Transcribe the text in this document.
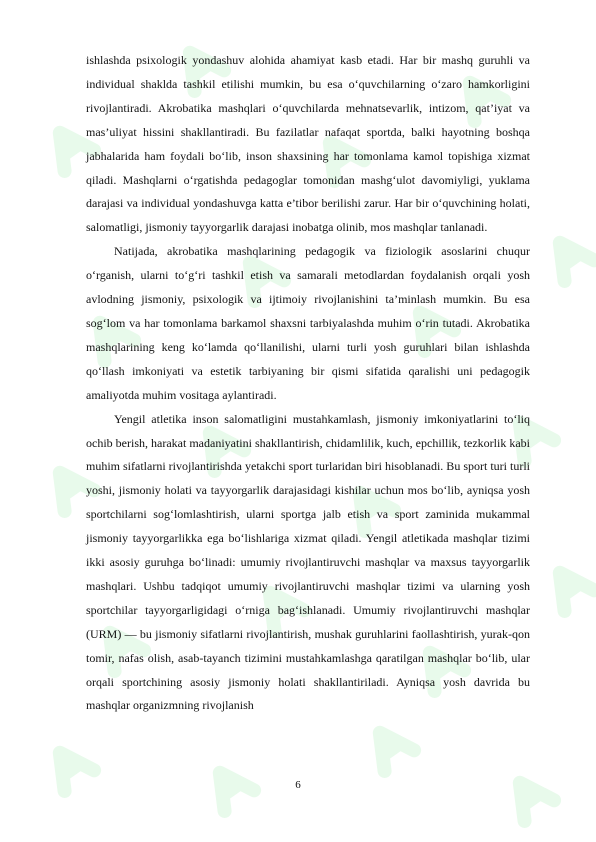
ishlashda psixologik yondashuv alohida ahamiyat kasb etadi. Har bir mashq guruhli va individual shaklda tashkil etilishi mumkin, bu esa o‘quvchilarning o‘zaro hamkorligini rivojlantiradi. Akrobatika mashqlari o‘quvchilarda mehnatsevarlik, intizom, qat’iyat va mas’uliyat hissini shakllantiradi. Bu fazilatlar nafaqat sportda, balki hayotning boshqa jabhalarida ham foydali bo‘lib, inson shaxsining har tomonlama kamol topishiga xizmat qiladi. Mashqlarni o‘rgatishda pedagoglar tomonidan mashg‘ulot davomiyligi, yuklama darajasi va individual yondashuvga katta e’tibor berilishi zarur. Har bir o‘quvchining holati, salomatligi, jismoniy tayyorgarlik darajasi inobatga olinib, mos mashqlar tanlanadi.

Natijada, akrobatika mashqlarining pedagogik va fiziologik asoslarini chuqur o‘rganish, ularni to‘g‘ri tashkil etish va samarali metodlardan foydalanish orqali yosh avlodning jismoniy, psixologik va ijtimoiy rivojlanishini ta’minlash mumkin. Bu esa sog‘lom va har tomonlama barkamol shaxsni tarbiyalashda muhim o‘rin tutadi. Akrobatika mashqlarining keng ko‘lamda qo‘llanilishi, ularni turli yosh guruhlari bilan ishlashda qo‘llash imkoniyati va estetik tarbiyaning bir qismi sifatida qaralishi uni pedagogik amaliyotda muhim vositaga aylantiradi.

Yengil atletika inson salomatligini mustahkamlash, jismoniy imkoniyatlarini to‘liq ochib berish, harakat madaniyatini shakllantirish, chidamlilik, kuch, epchillik, tezkorlik kabi muhim sifatlarni rivojlantirishda yetakchi sport turlaridan biri hisoblanadi. Bu sport turi turli yoshi, jismoniy holati va tayyorgarlik darajasidagi kishilar uchun mos bo‘lib, ayniqsa yosh sportchilarni sog‘lomlashtirish, ularni sportga jalb etish va sport zaminida mukammal jismoniy tayyorgarlikka ega bo‘lishlariga xizmat qiladi. Yengil atletikada mashqlar tizimi ikki asosiy guruhga bo‘linadi: umumiy rivojlantiruvchi mashqlar va maxsus tayyorgarlik mashqlari. Ushbu tadqiqot umumiy rivojlantiruvchi mashqlar tizimi va ularning yosh sportchilar tayyorgarligidagi o‘rniga bag‘ishlanadi. Umumiy rivojlantiruvchi mashqlar (URM) — bu jismoniy sifatlarni rivojlantirish, mushak guruhlarini faollashtirish, yurak-qon tomir, nafas olish, asab-tayanch tizimini mustahkamlashga qaratilgan mashqlar bo‘lib, ular orqali sportchining asosiy jismoniy holati shakllantiriladi. Ayniqsa yosh davrida bu mashqlar organizmning rivojlanish

6
